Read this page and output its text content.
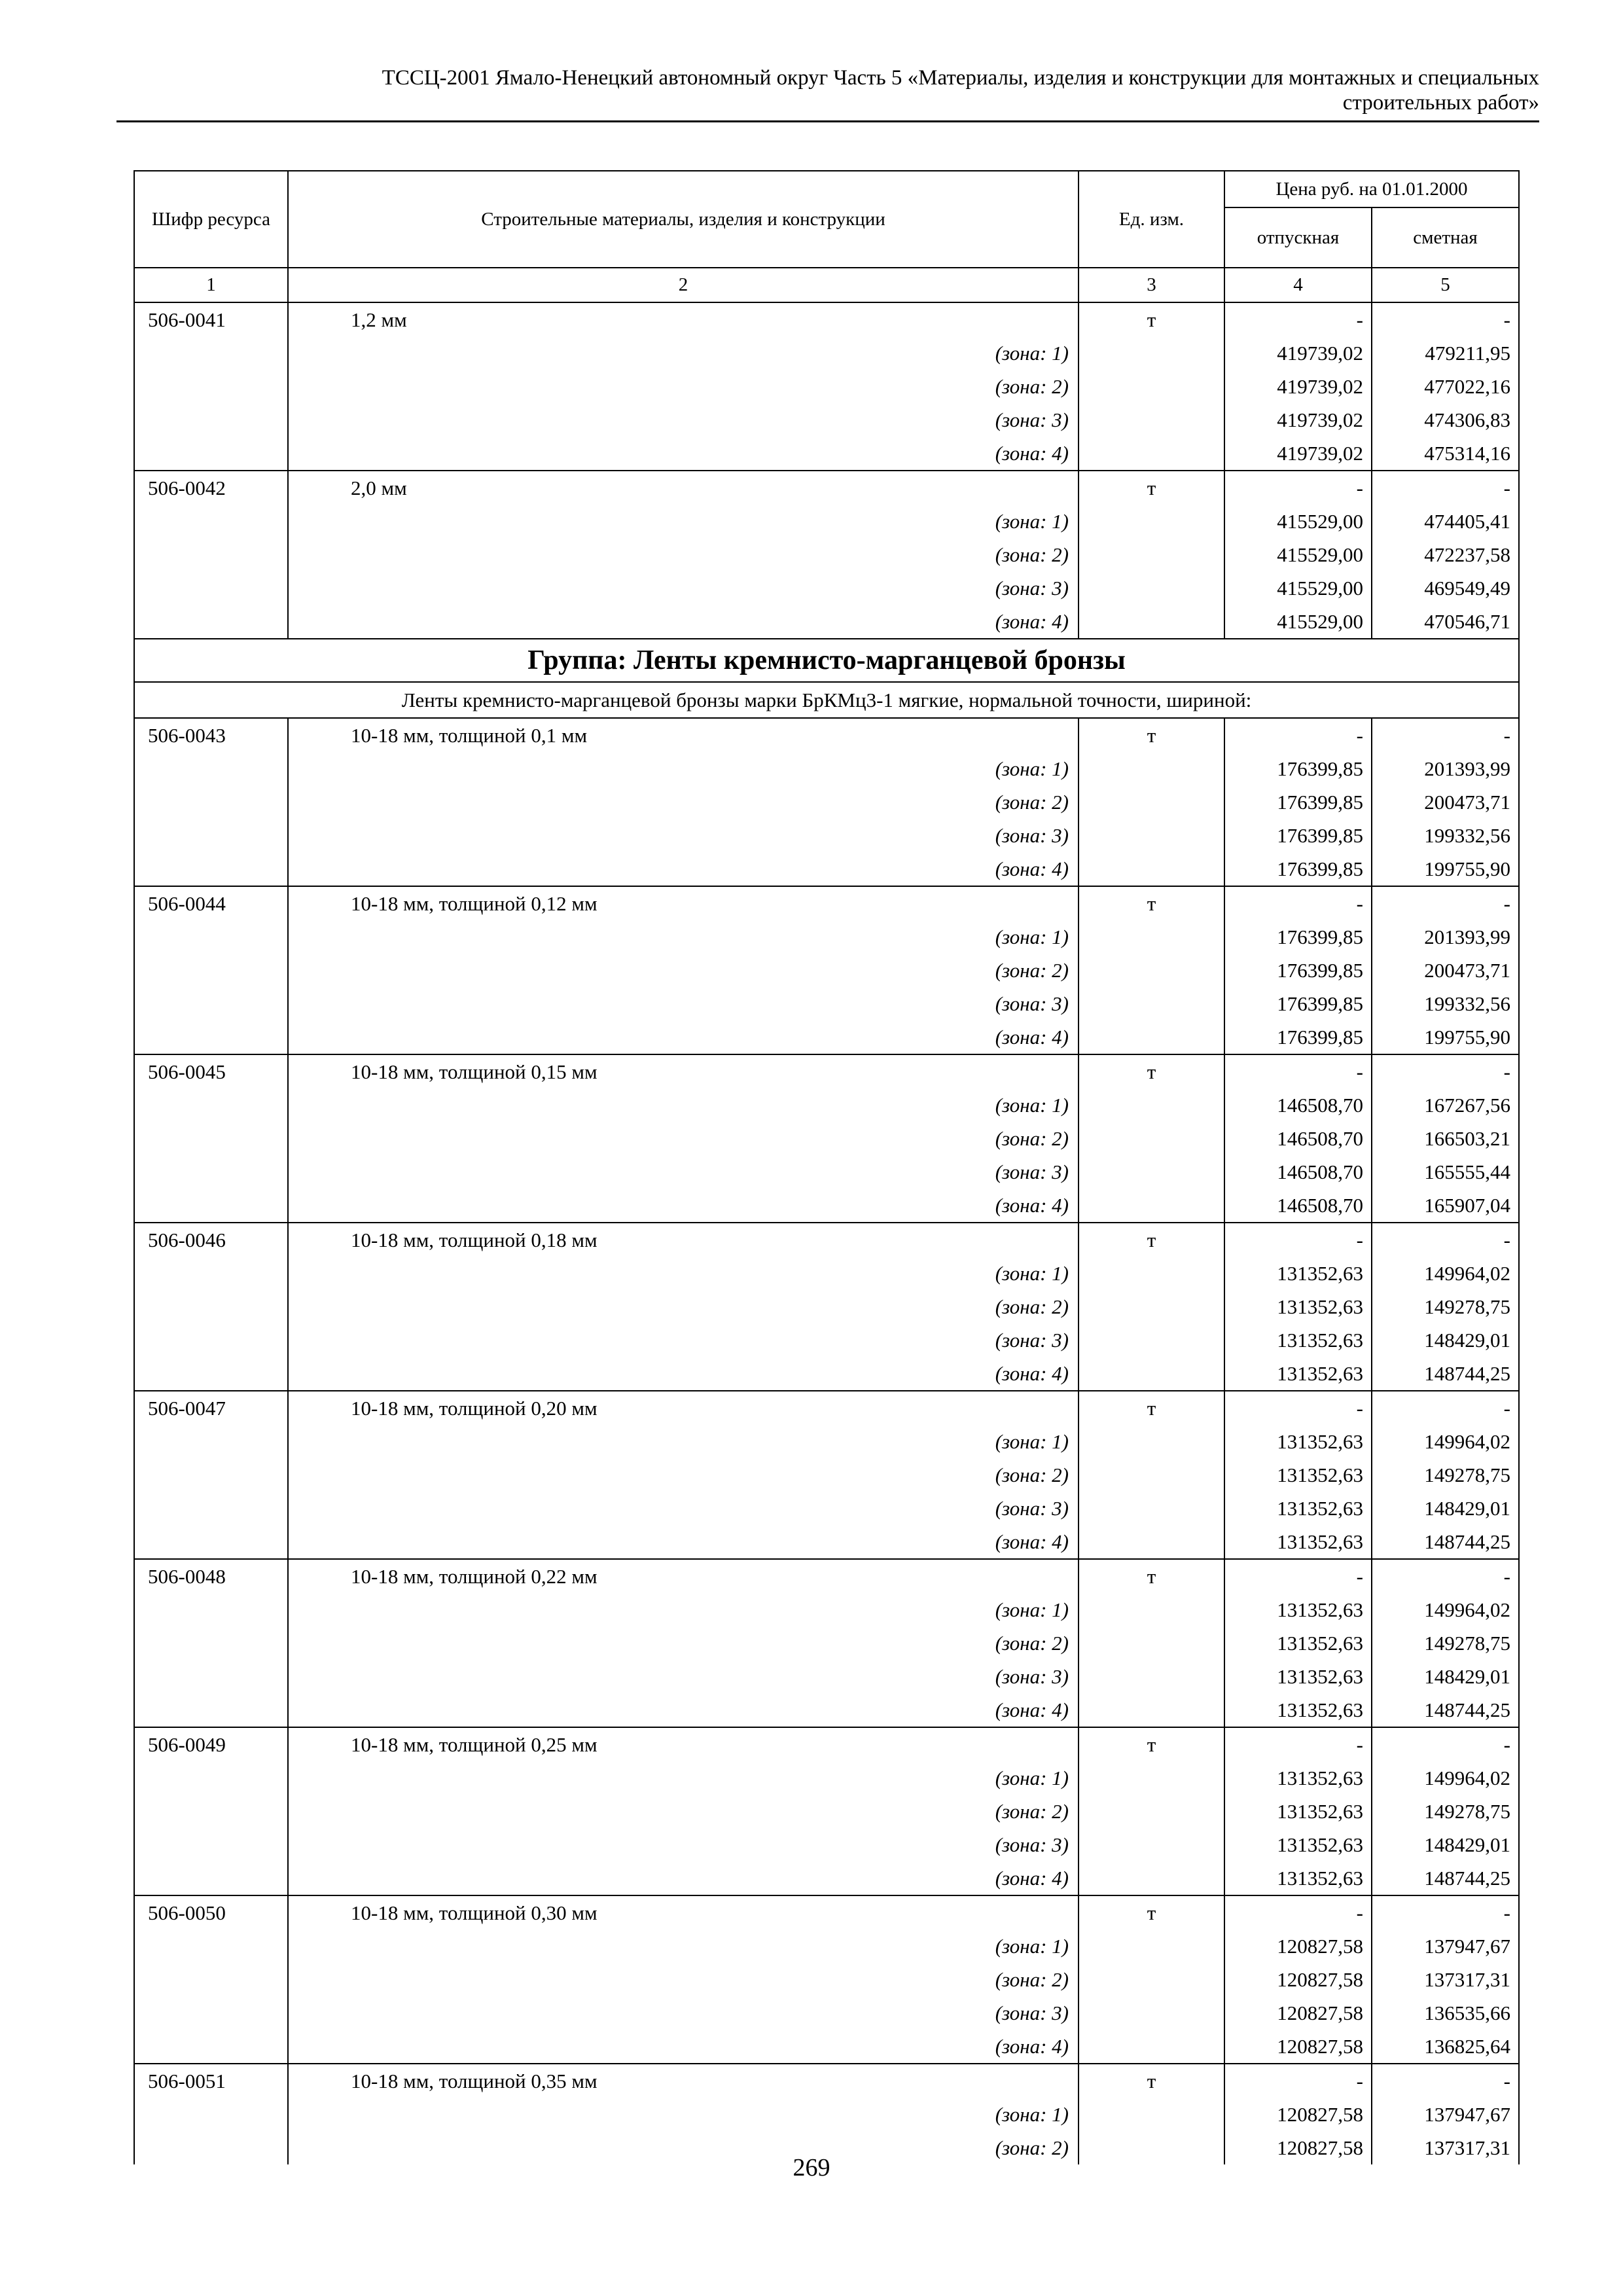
ТССЦ-2001 Ямало-Ненецкий автономный округ Часть 5 «Материалы, изделия и конструкции для монтажных и специальных
строительных работ»
Шифр ресурса	Строительные материалы, изделия и конструкции	Ед. изм.	Цена руб. на 01.01.2000	
			отпускная	сметная
1	2	3	4	5
506-0041	1,2 мм	т	-	-
	(зона: 1)		419739,02	479211,95
	(зона: 2)		419739,02	477022,16
	(зона: 3)		419739,02	474306,83
	(зона: 4)		419739,02	475314,16
506-0042	2,0 мм	т	-	-
	(зона: 1)		415529,00	474405,41
	(зона: 2)		415529,00	472237,58
	(зона: 3)		415529,00	469549,49
	(зона: 4)		415529,00	470546,71
Группа: Ленты кремнисто-марганцевой бронзы				
Ленты кремнисто-марганцевой бронзы марки БрКМц3-1 мягкие, нормальной точности, шириной:				
506-0043	10-18 мм, толщиной 0,1 мм	т	-	-
	(зона: 1)		176399,85	201393,99
	(зона: 2)		176399,85	200473,71
	(зона: 3)		176399,85	199332,56
	(зона: 4)		176399,85	199755,90
506-0044	10-18 мм, толщиной 0,12 мм	т	-	-
	(зона: 1)		176399,85	201393,99
	(зона: 2)		176399,85	200473,71
	(зона: 3)		176399,85	199332,56
	(зона: 4)		176399,85	199755,90
506-0045	10-18 мм, толщиной 0,15 мм	т	-	-
	(зона: 1)		146508,70	167267,56
	(зона: 2)		146508,70	166503,21
	(зона: 3)		146508,70	165555,44
	(зона: 4)		146508,70	165907,04
506-0046	10-18 мм, толщиной 0,18 мм	т	-	-
	(зона: 1)		131352,63	149964,02
	(зона: 2)		131352,63	149278,75
	(зона: 3)		131352,63	148429,01
	(зона: 4)		131352,63	148744,25
506-0047	10-18 мм, толщиной 0,20 мм	т	-	-
	(зона: 1)		131352,63	149964,02
	(зона: 2)		131352,63	149278,75
	(зона: 3)		131352,63	148429,01
	(зона: 4)		131352,63	148744,25
506-0048	10-18 мм, толщиной 0,22 мм	т	-	-
	(зона: 1)		131352,63	149964,02
	(зона: 2)		131352,63	149278,75
	(зона: 3)		131352,63	148429,01
	(зона: 4)		131352,63	148744,25
506-0049	10-18 мм, толщиной 0,25 мм	т	-	-
	(зона: 1)		131352,63	149964,02
	(зона: 2)		131352,63	149278,75
	(зона: 3)		131352,63	148429,01
	(зона: 4)		131352,63	148744,25
506-0050	10-18 мм, толщиной 0,30 мм	т	-	-
	(зона: 1)		120827,58	137947,67
	(зона: 2)		120827,58	137317,31
	(зона: 3)		120827,58	136535,66
	(зона: 4)		120827,58	136825,64
506-0051	10-18 мм, толщиной 0,35 мм	т	-	-
	(зона: 1)		120827,58	137947,67
	(зона: 2)		120827,58	137317,31
269
